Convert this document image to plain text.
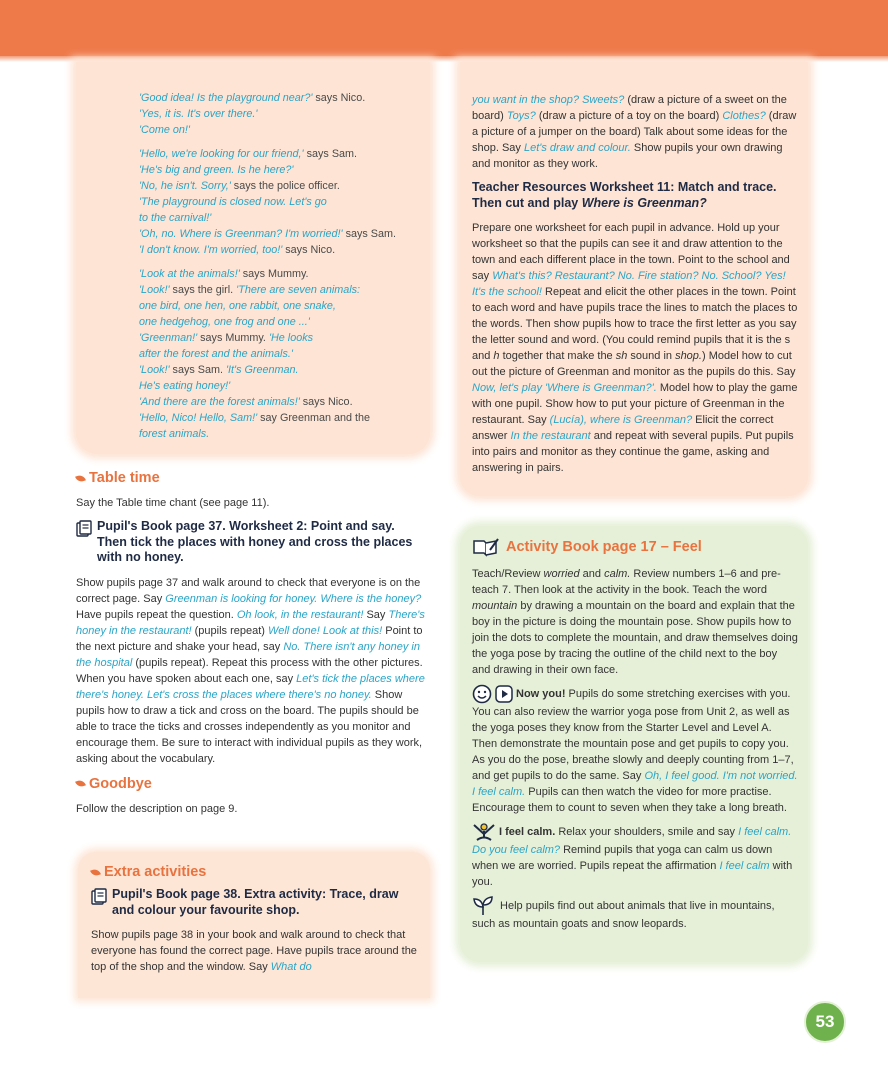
'Good idea! Is the playground near?' says Nico.
'Yes, it is. It's over there.'
'Come on!'

'Hello, we're looking for our friend,' says Sam.
'He's big and green. Is he here?'
'No, he isn't. Sorry,' says the police officer.
'The playground is closed now. Let's go
to the carnival!'
'Oh, no. Where is Greenman? I'm worried!' says Sam.
'I don't know. I'm worried, too!' says Nico.

'Look at the animals!' says Mummy.
'Look!' says the girl. 'There are seven animals:
one bird, one hen, one rabbit, one snake,
one hedgehog, one frog and one ...'
'Greenman!' says Mummy. 'He looks
after the forest and the animals.'
'Look!' says Sam. 'It's Greenman.
He's eating honey!'
'And there are the forest animals!' says Nico.
'Hello, Nico! Hello, Sam!' say Greenman and the
forest animals.

Table time

Say the Table time chant (see page 11).

Pupil's Book page 37. Worksheet 2: Point and say. Then tick the places with honey and cross the places with no honey.

Show pupils page 37 and walk around to check that everyone is on the correct page. Say Greenman is looking for honey. Where is the honey? Have pupils repeat the question. Oh look, in the restaurant! Say There's honey in the restaurant! (pupils repeat) Well done! Look at this! Point to the next picture and shake your head, say No. There isn't any honey in the hospital (pupils repeat). Repeat this process with the other pictures. When you have spoken about each one, say Let's tick the places where there's honey. Let's cross the places where there's no honey. Show pupils how to draw a tick and cross on the board. The pupils should be able to trace the ticks and crosses independently as you monitor and encourage them. Be sure to interact with individual pupils as they work, asking about the vocabulary.

Goodbye

Follow the description on page 9.

Extra activities
Pupil's Book page 38. Extra activity: Trace, draw and colour your favourite shop.

Show pupils page 38 in your book and walk around to check that everyone has found the correct page. Have pupils trace around the top of the shop and the window. Say What do

you want in the shop? Sweets? (draw a picture of a sweet on the board) Toys? (draw a picture of a toy on the board) Clothes? (draw a picture of a jumper on the board) Talk about some ideas for the shop. Say Let's draw and colour. Show pupils your own drawing and monitor as they work.

Teacher Resources Worksheet 11: Match and trace. Then cut and play Where is Greenman?

Prepare one worksheet for each pupil in advance. Hold up your worksheet so that the pupils can see it and draw attention to the town and each different place in the town. Point to the school and say What's this? Restaurant? No. Fire station? No. School? Yes! It's the school! Repeat and elicit the other places in the town. Point to each word and have pupils trace the lines to match the places to the words. Then show pupils how to trace the first letter as you say the letter sound and word. (You could remind pupils that it is the s and h together that make the sh sound in shop.) Model how to cut out the picture of Greenman and monitor as the pupils do this. Say Now, let's play 'Where is Greenman?'. Model how to play the game with one pupil. Show how to put your picture of Greenman in the restaurant. Say (Lucía), where is Greenman? Elicit the correct answer In the restaurant and repeat with several pupils. Put pupils into pairs and monitor as they continue the game, asking and answering in pairs.

Activity Book page 17 – Feel

Teach/Review worried and calm. Review numbers 1–6 and pre-teach 7. Then look at the activity in the book. Teach the word mountain by drawing a mountain on the board and explain that the boy in the picture is doing the mountain pose. Show pupils how to join the dots to complete the mountain, and draw themselves doing the yoga pose by tracing the outline of the child next to the boy and drawing in their own face.

Now you! Pupils do some stretching exercises with you. You can also review the warrior yoga pose from Unit 2, as well as the yoga poses they know from the Starter Level and Level A. Then demonstrate the mountain pose and get pupils to copy you. As you do the pose, breathe slowly and deeply counting from 1–7, and get pupils to do the same. Say Oh, I feel good. I'm not worried. I feel calm. Pupils can then watch the video for more practise. Encourage them to count to seven when they take a long breath.

I feel calm. Relax your shoulders, smile and say I feel calm. Do you feel calm? Remind pupils that yoga can calm us down when we are worried. Pupils repeat the affirmation I feel calm with you.

Help pupils find out about animals that live in mountains, such as mountain goats and snow leopards.

53
